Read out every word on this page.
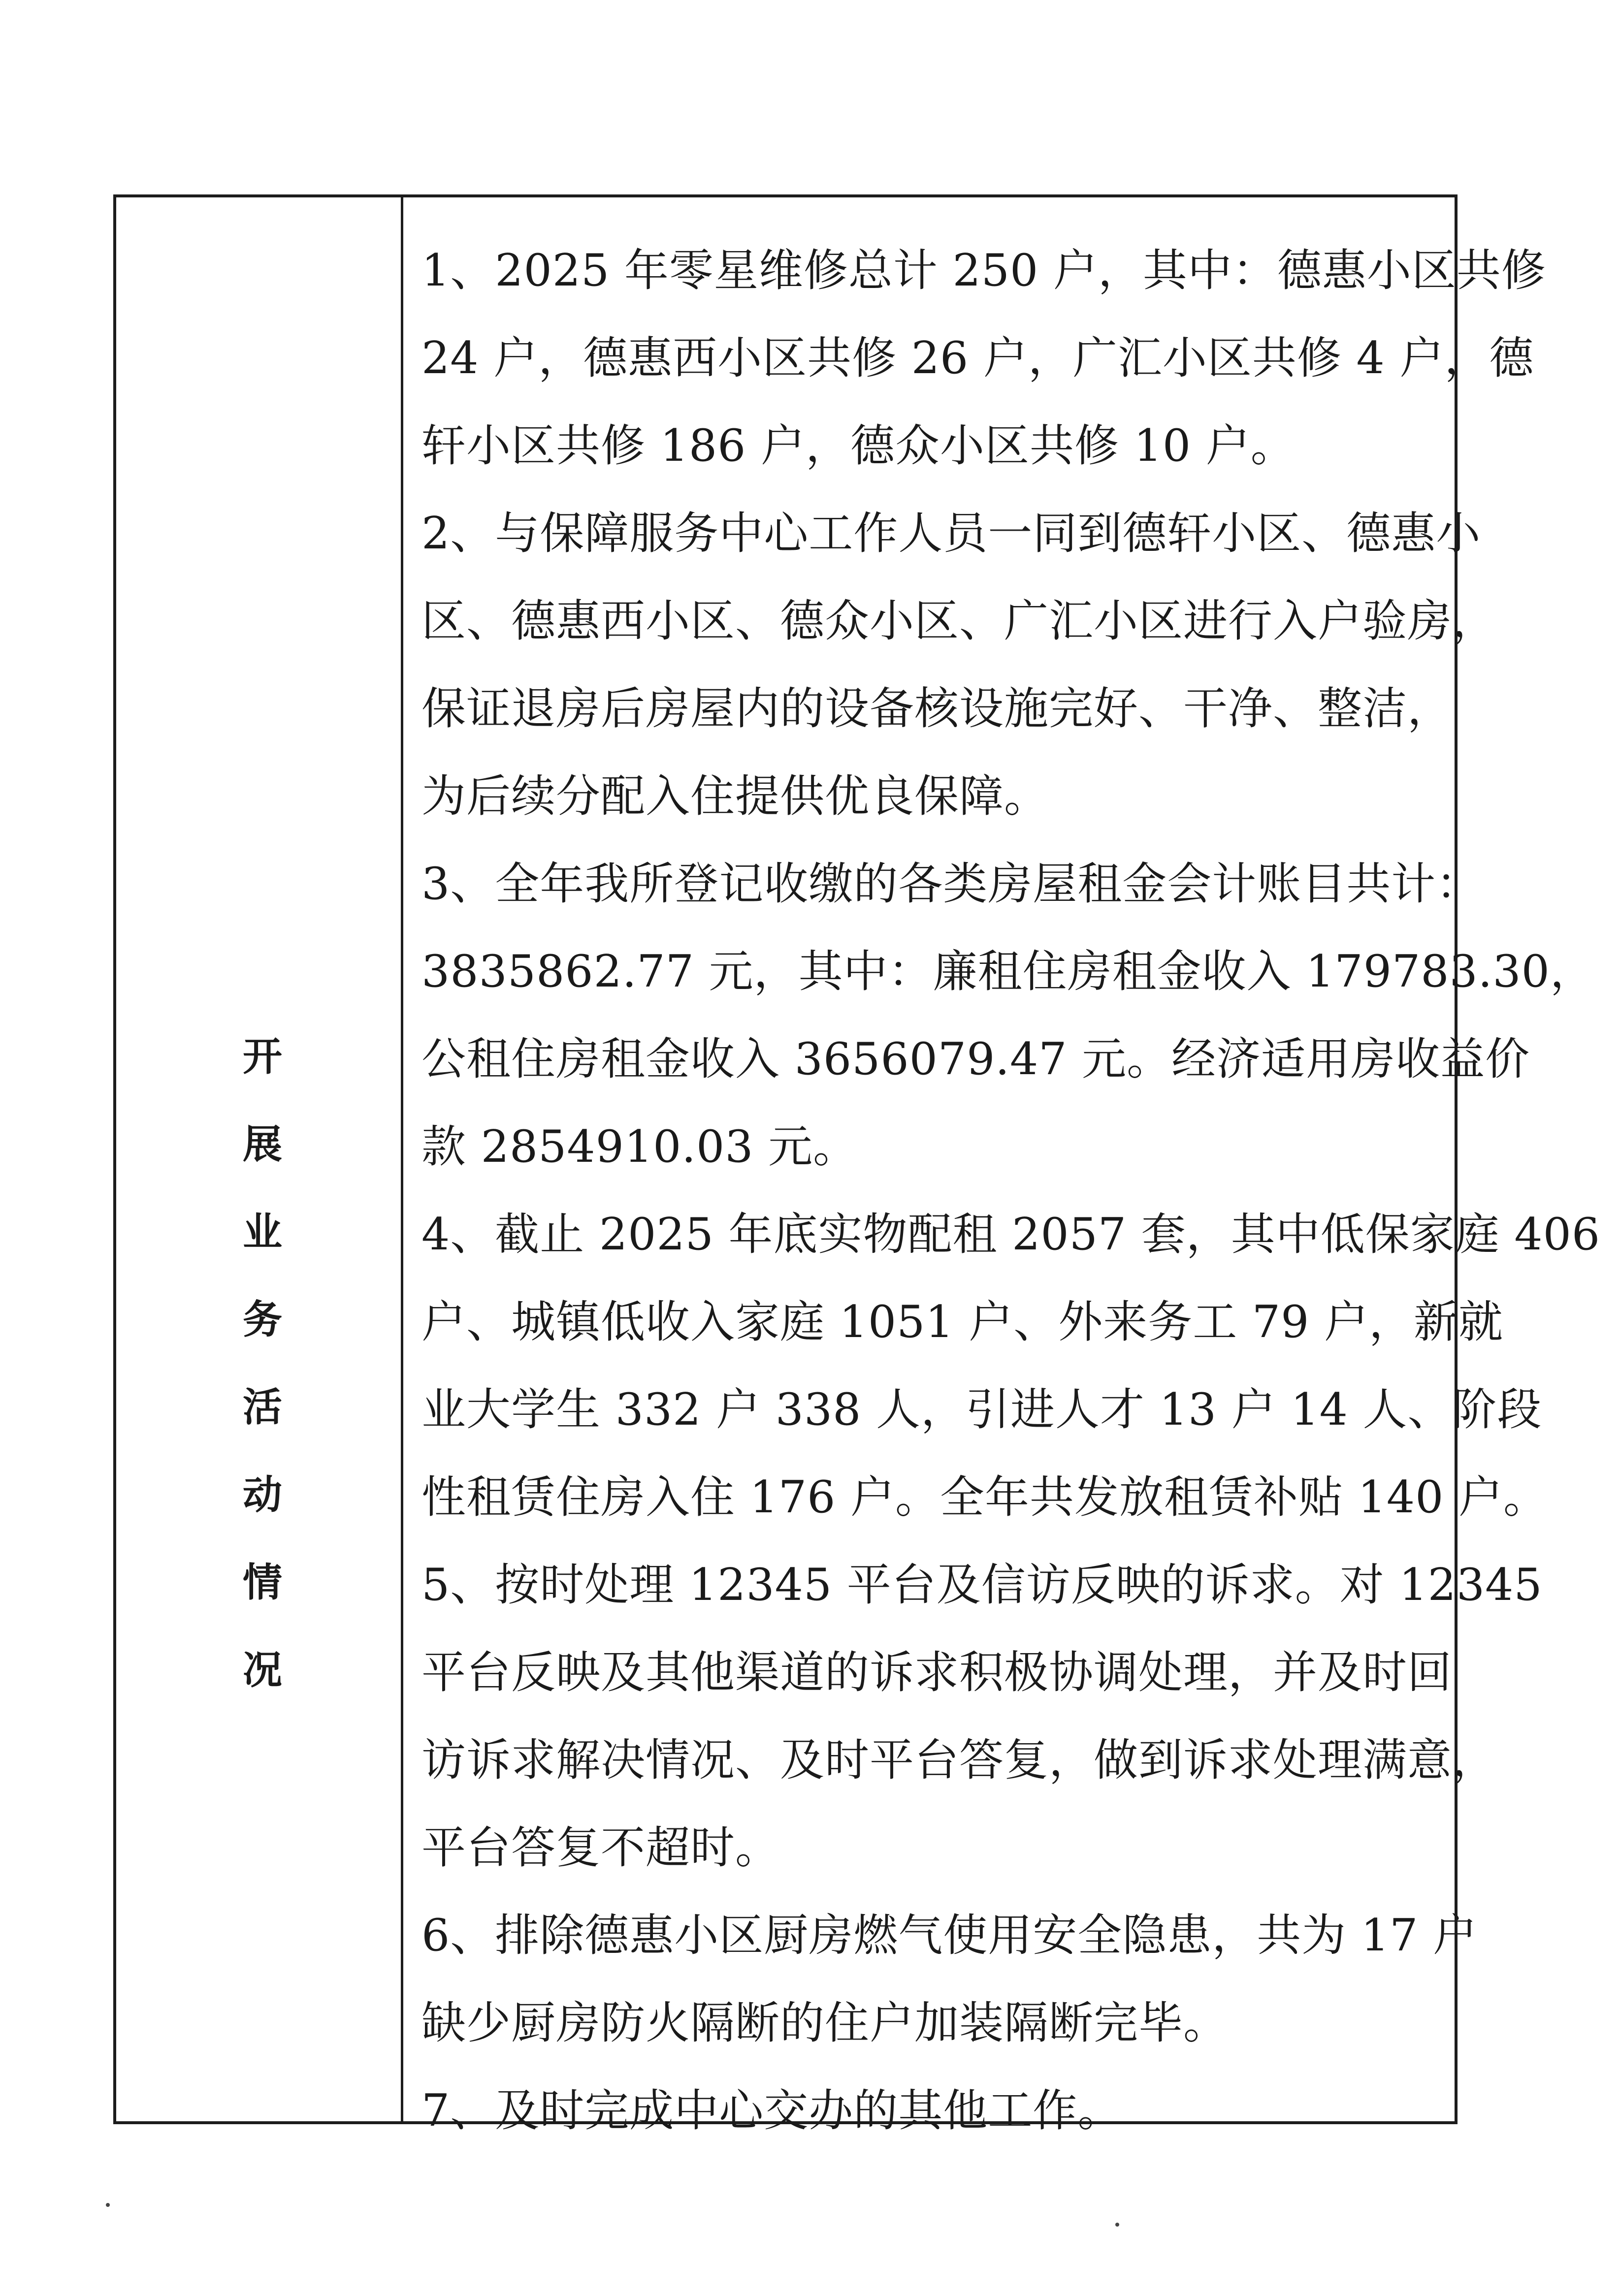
开
展
业
务
活
动
情
况
1、2025 年零星维修总计 250 户，其中：德惠小区共修
24 户，德惠西小区共修 26 户，广汇小区共修 4 户，德
轩小区共修 186 户，德众小区共修 10 户。
2、与保障服务中心工作人员一同到德轩小区、德惠小
区、德惠西小区、德众小区、广汇小区进行入户验房，
保证退房后房屋内的设备核设施完好、干净、整洁，
为后续分配入住提供优良保障。
3、全年我所登记收缴的各类房屋租金会计账目共计：
3835862.77 元，其中：廉租住房租金收入 179783.30，
公租住房租金收入 3656079.47 元。经济适用房收益价
款 2854910.03 元。
4、截止 2025 年底实物配租 2057 套，其中低保家庭 406
户、城镇低收入家庭 1051 户、外来务工 79 户，新就
业大学生 332 户 338 人，引进人才 13 户 14 人、阶段
性租赁住房入住 176 户。全年共发放租赁补贴 140 户。
5、按时处理 12345 平台及信访反映的诉求。对 12345
平台反映及其他渠道的诉求积极协调处理，并及时回
访诉求解决情况、及时平台答复，做到诉求处理满意，
平台答复不超时。
6、排除德惠小区厨房燃气使用安全隐患，共为 17 户
缺少厨房防火隔断的住户加装隔断完毕。
7、及时完成中心交办的其他工作。
